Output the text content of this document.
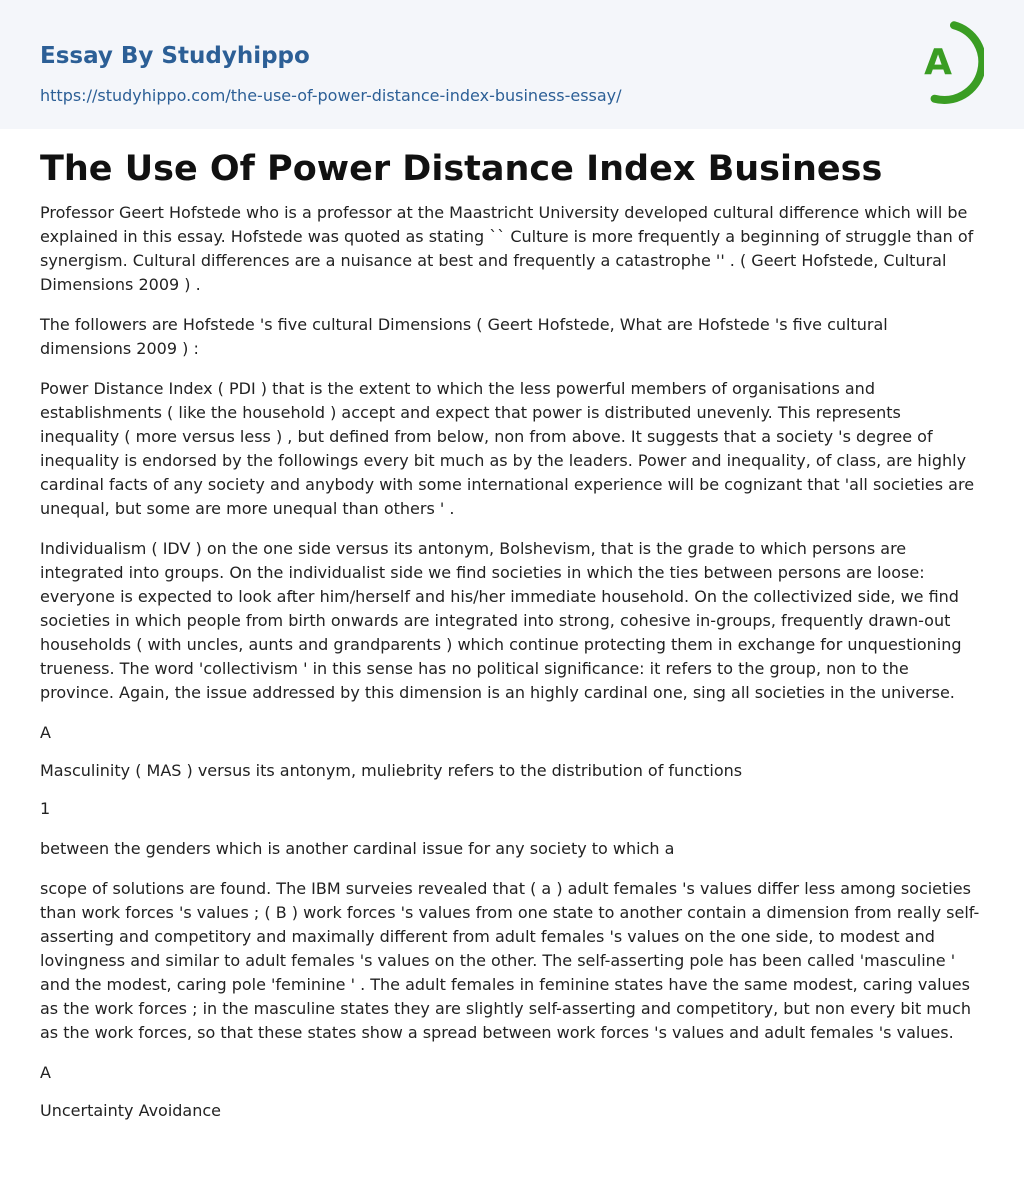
Essay By Studyhippo
https://studyhippo.com/the-use-of-power-distance-index-business-essay/
A
The Use Of Power Distance Index Business

Professor Geert Hofstede who is a professor at the Maastricht University developed cultural difference which will be explained in this essay. Hofstede was quoted as stating `` Culture is more frequently a beginning of struggle than of synergism. Cultural differences are a nuisance at best and frequently a catastrophe '' . ( Geert Hofstede, Cultural Dimensions 2009 ) .

The followers are Hofstede 's five cultural Dimensions ( Geert Hofstede, What are Hofstede 's five cultural dimensions 2009 ) :

Power Distance Index ( PDI ) that is the extent to which the less powerful members of organisations and establishments ( like the household ) accept and expect that power is distributed unevenly. This represents inequality ( more versus less ) , but defined from below, non from above. It suggests that a society 's degree of inequality is endorsed by the followings every bit much as by the leaders. Power and inequality, of class, are highly cardinal facts of any society and anybody with some international experience will be cognizant that 'all societies are unequal, but some are more unequal than others ' .

Individualism ( IDV ) on the one side versus its antonym, Bolshevism, that is the grade to which persons are integrated into groups. On the individualist side we find societies in which the ties between persons are loose: everyone is expected to look after him/herself and his/her immediate household. On the collectivized side, we find societies in which people from birth onwards are integrated into strong, cohesive in-groups, frequently drawn-out households ( with uncles, aunts and grandparents ) which continue protecting them in exchange for unquestioning trueness. The word 'collectivism ' in this sense has no political significance: it refers to the group, non to the province. Again, the issue addressed by this dimension is an highly cardinal one, sing all societies in the universe.

A

Masculinity ( MAS ) versus its antonym, muliebrity refers to the distribution of functions

1

between the genders which is another cardinal issue for any society to which a

scope of solutions are found. The IBM surveies revealed that ( a ) adult females 's values differ less among societies than work forces 's values ; ( B ) work forces 's values from one state to another contain a dimension from really self-asserting and competitory and maximally different from adult females 's values on the one side, to modest and lovingness and similar to adult females 's values on the other. The self-asserting pole has been called 'masculine ' and the modest, caring pole 'feminine ' . The adult females in feminine states have the same modest, caring values as the work forces ; in the masculine states they are slightly self-asserting and competitory, but non every bit much as the work forces, so that these states show a spread between work forces 's values and adult females 's values.

A

Uncertainty Avoidance
